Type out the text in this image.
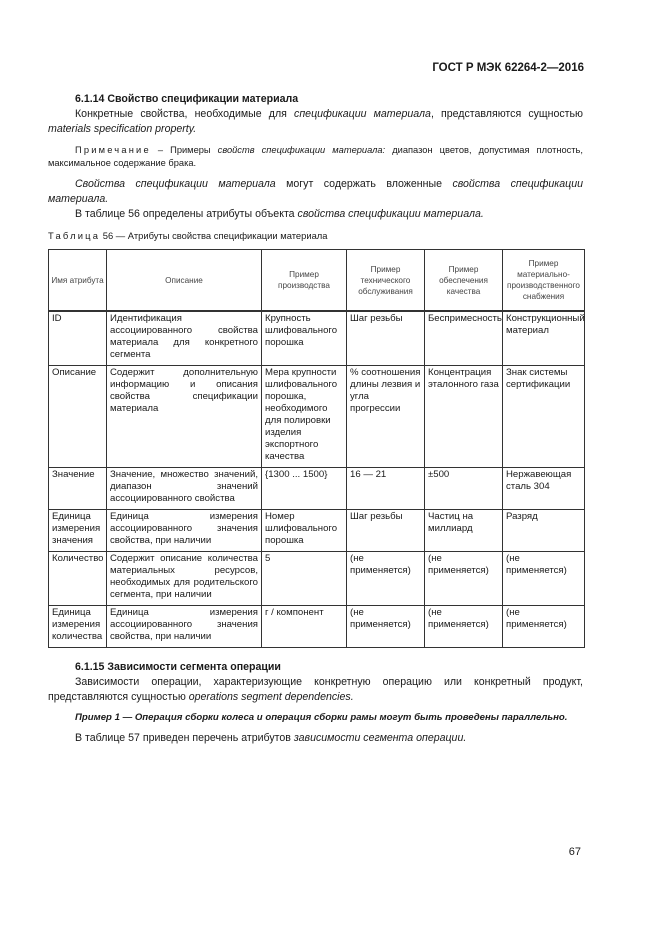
ГОСТ Р МЭК 62264-2—2016
6.1.14 Свойство спецификации материала

Конкретные свойства, необходимые для спецификации материала, представляются сущностью materials specification property.

Примечание – Примеры свойств спецификации материала: диапазон цветов, допустимая плотность, максимальное содержание брака.

Свойства спецификации материала могут содержать вложенные свойства спецификации материала.

В таблице 56 определены атрибуты объекта свойства спецификации материала.

Таблица 56 — Атрибуты свойства спецификации материала
Имя атрибута	Описание	Пример производства	Пример технического обслуживания	Пример обеспечения качества	Пример материально-производственного снабжения
ID	Идентификация ассоциированного свойства материала для конкретного сегмента	Крупность шлифовального порошка	Шаг резьбы	Беспримесность	Конструкционный материал
Описание	Содержит дополнительную информацию и описания свойства спецификации материала	Мера крупности шлифовального порошка, необходимого для полировки изделия экспортного качества	% соотношения длины лезвия и угла прогрессии	Концентрация эталонного газа	Знак системы сертификации
Значение	Значение, множество значений, диапазон значений ассоциированного свойства	{1300 ... 1500}	16 — 21	±500	Нержавеющая сталь 304
Единица измерения значения	Единица измерения ассоциированного значения свойства, при наличии	Номер шлифовального порошка	Шаг резьбы	Частиц на миллиард	Разряд
Количество	Содержит описание количества материальных ресурсов, необходимых для родительского сегмента, при наличии	5	(не применяется)	(не применяется)	(не применяется)
Единица измерения количества	Единица измерения ассоциированного значения свойства, при наличии	г / компонент	(не применяется)	(не применяется)	(не применяется)
6.1.15 Зависимости сегмента операции

Зависимости операции, характеризующие конкретную операцию или конкретный продукт, представляются сущностью operations segment dependencies.

Пример 1 — Операция сборки колеса и операция сборки рамы могут быть проведены параллельно.

В таблице 57 приведен перечень атрибутов зависимости сегмента операции.

67
